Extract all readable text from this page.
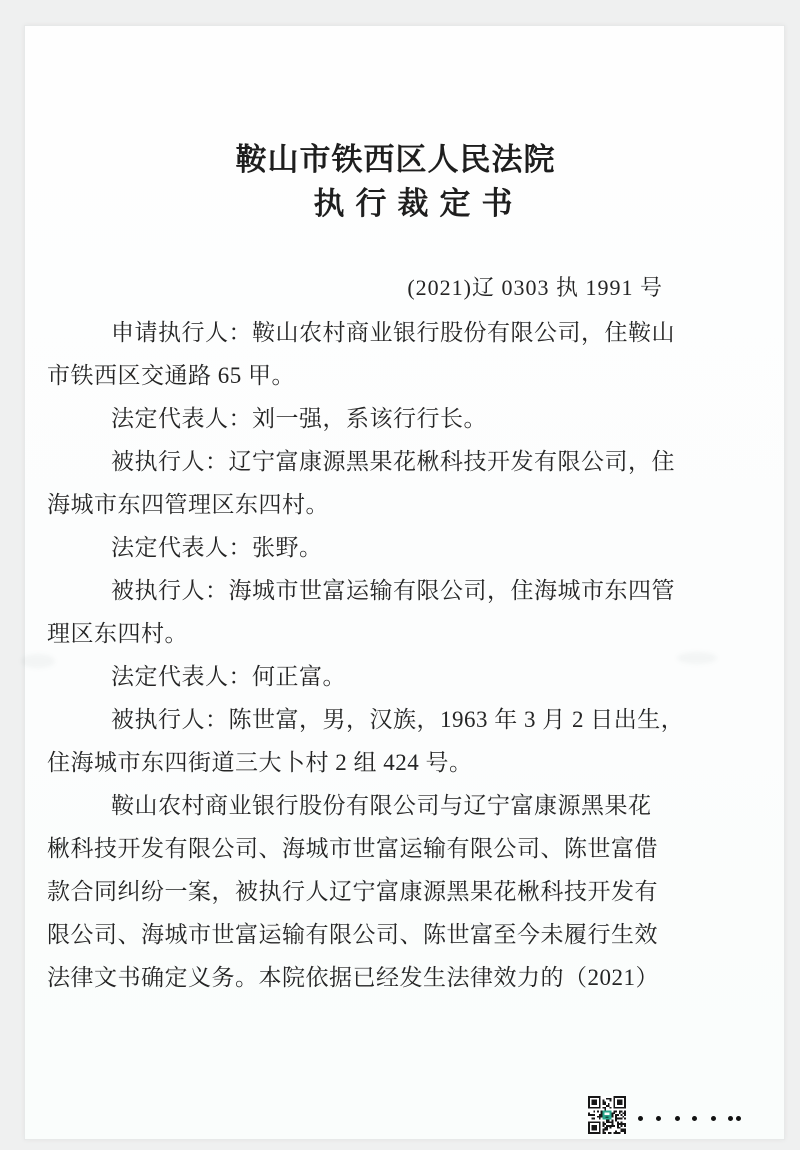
鞍山市铁西区人民法院
执行裁定书
(2021)辽 0303 执 1991 号
申请执行人：鞍山农村商业银行股份有限公司，住鞍山
市铁西区交通路 65 甲。
法定代表人：刘一强，系该行行长。
被执行人：辽宁富康源黑果花楸科技开发有限公司，住
海城市东四管理区东四村。
法定代表人：张野。
被执行人：海城市世富运输有限公司，住海城市东四管
理区东四村。
法定代表人：何正富。
被执行人：陈世富，男，汉族，1963 年 3 月 2 日出生，
住海城市东四街道三大卜村 2 组 424 号。
鞍山农村商业银行股份有限公司与辽宁富康源黑果花
楸科技开发有限公司、海城市世富运输有限公司、陈世富借
款合同纠纷一案，被执行人辽宁富康源黑果花楸科技开发有
限公司、海城市世富运输有限公司、陈世富至今未履行生效
法律文书确定义务。本院依据已经发生法律效力的（2021）
